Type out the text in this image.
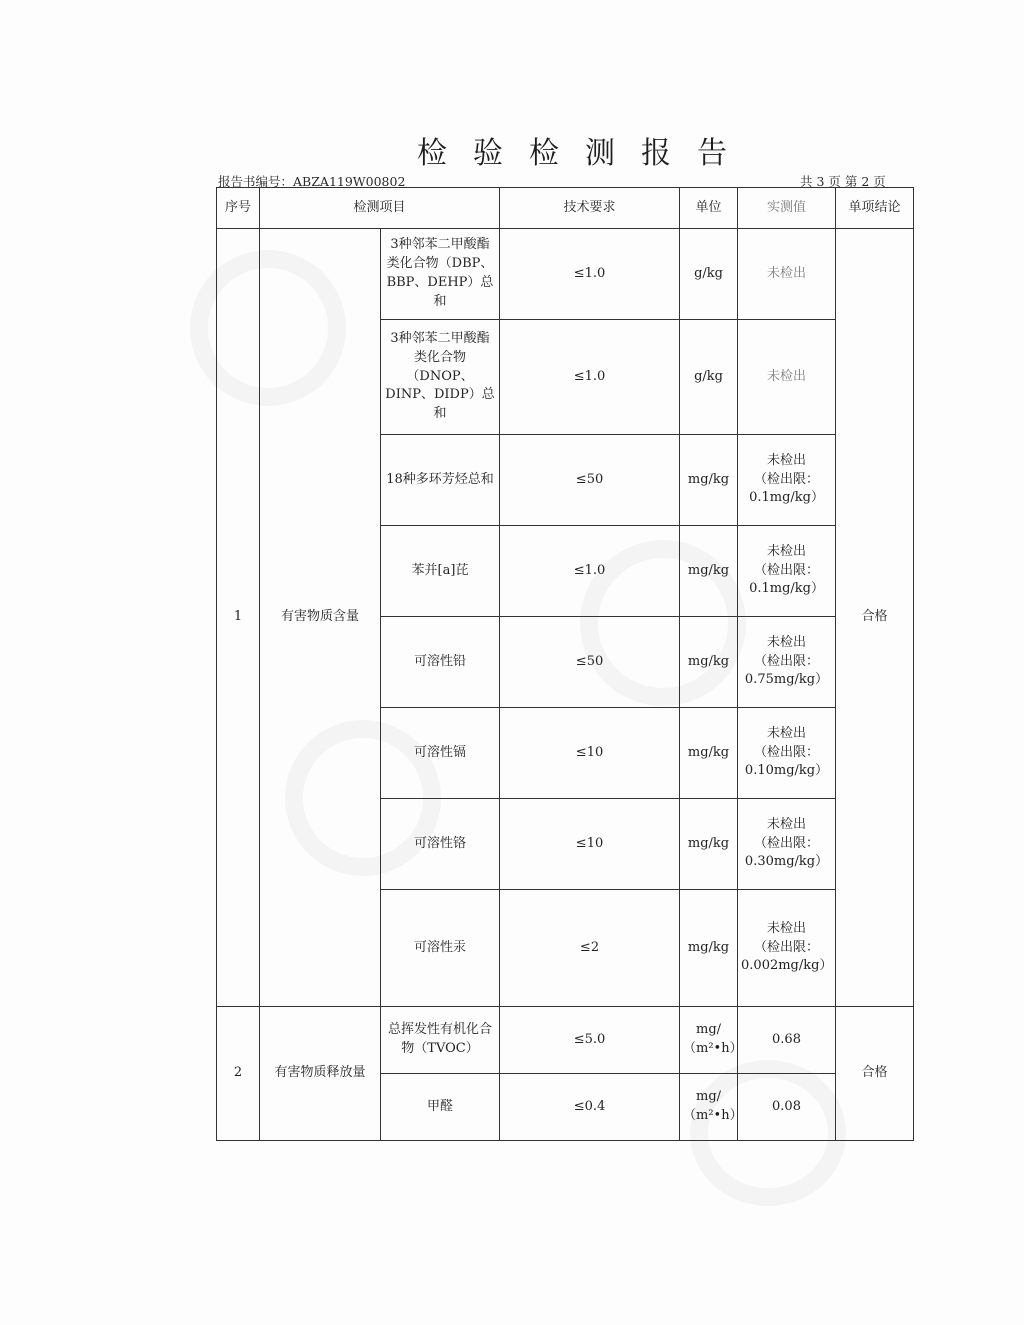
检验检测报告
报告书编号：ABZA119W00802	共 3 页 第 2 页
序号	检测项目		技术要求	单位	实测值	单项结论
1	有害物质含量	3种邻苯二甲酸酯类化合物（DBP、BBP、DEHP）总和	≤1.0	g/kg	未检出	合格
		3种邻苯二甲酸酯类化合物（DNOP、DINP、DIDP）总和	≤1.0	g/kg	未检出	
		18种多环芳烃总和	≤50	mg/kg	未检出
（检出限：
0.1mg/kg）	
		苯并[a]芘	≤1.0	mg/kg	未检出
（检出限：
0.1mg/kg）	
		可溶性铅	≤50	mg/kg	未检出
（检出限：
0.75mg/kg）	
		可溶性镉	≤10	mg/kg	未检出
（检出限：
0.10mg/kg）	
		可溶性铬	≤10	mg/kg	未检出
（检出限：
0.30mg/kg）	
		可溶性汞	≤2	mg/kg	未检出
（检出限：
0.002mg/kg）	
2	有害物质释放量	总挥发性有机化合物（TVOC）	≤5.0	mg/（m²•h）	0.68	合格
		甲醛	≤0.4	mg/（m²•h）	0.08	
